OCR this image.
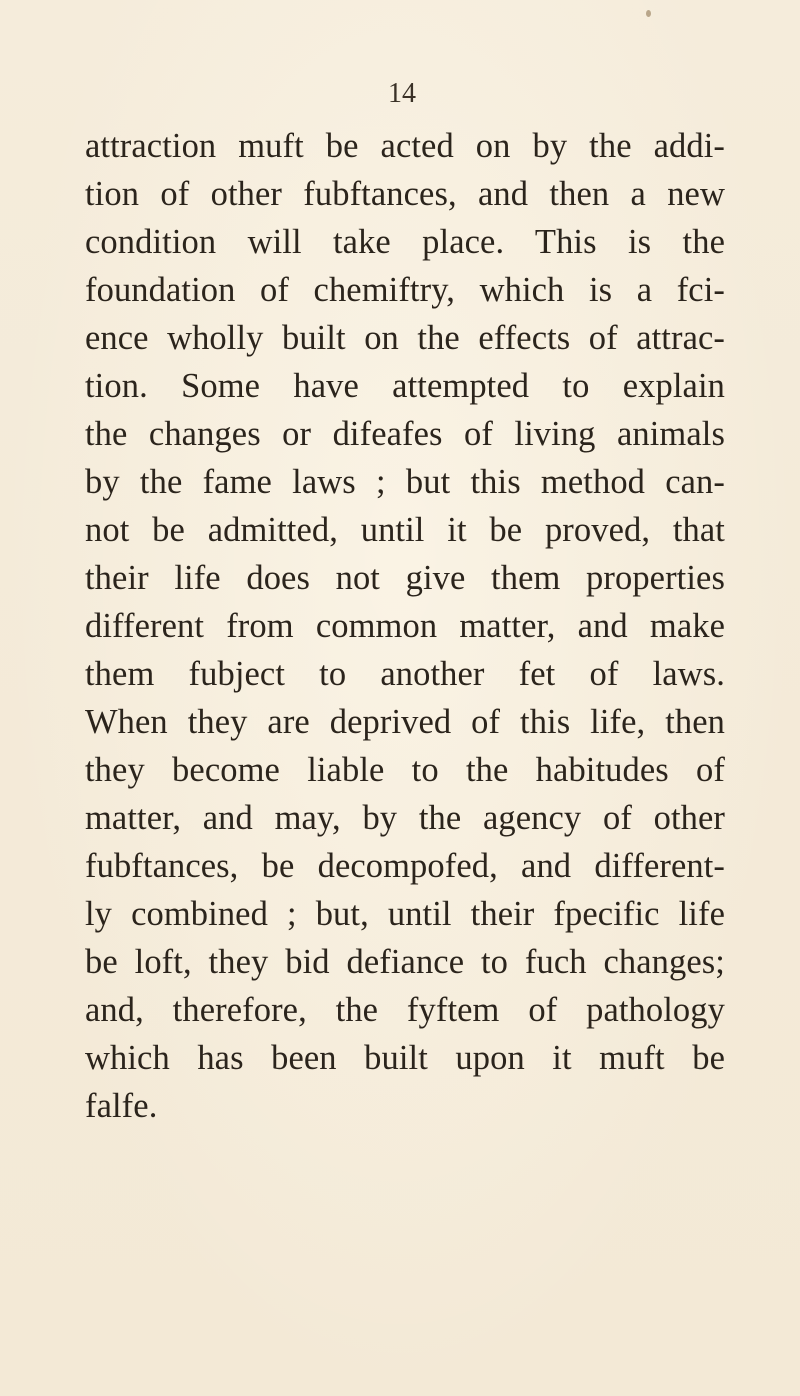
14
attraction muft be acted on by the addi-
tion of other fubftances, and then a new
condition will take place. This is the
foundation of chemiftry, which is a fci-
ence wholly built on the effects of attrac-
tion. Some have attempted to explain
the changes or difeafes of living animals
by the fame laws ; but this method can-
not be admitted, until it be proved, that
their life does not give them properties
different from common matter, and make
them fubject to another fet of laws.
When they are deprived of this life, then
they become liable to the habitudes of
matter, and may, by the agency of other
fubftances, be decompofed, and different-
ly combined ; but, until their fpecific life
be loft, they bid defiance to fuch changes;
and, therefore, the fyftem of pathology
which has been built upon it muft be
falfe.
